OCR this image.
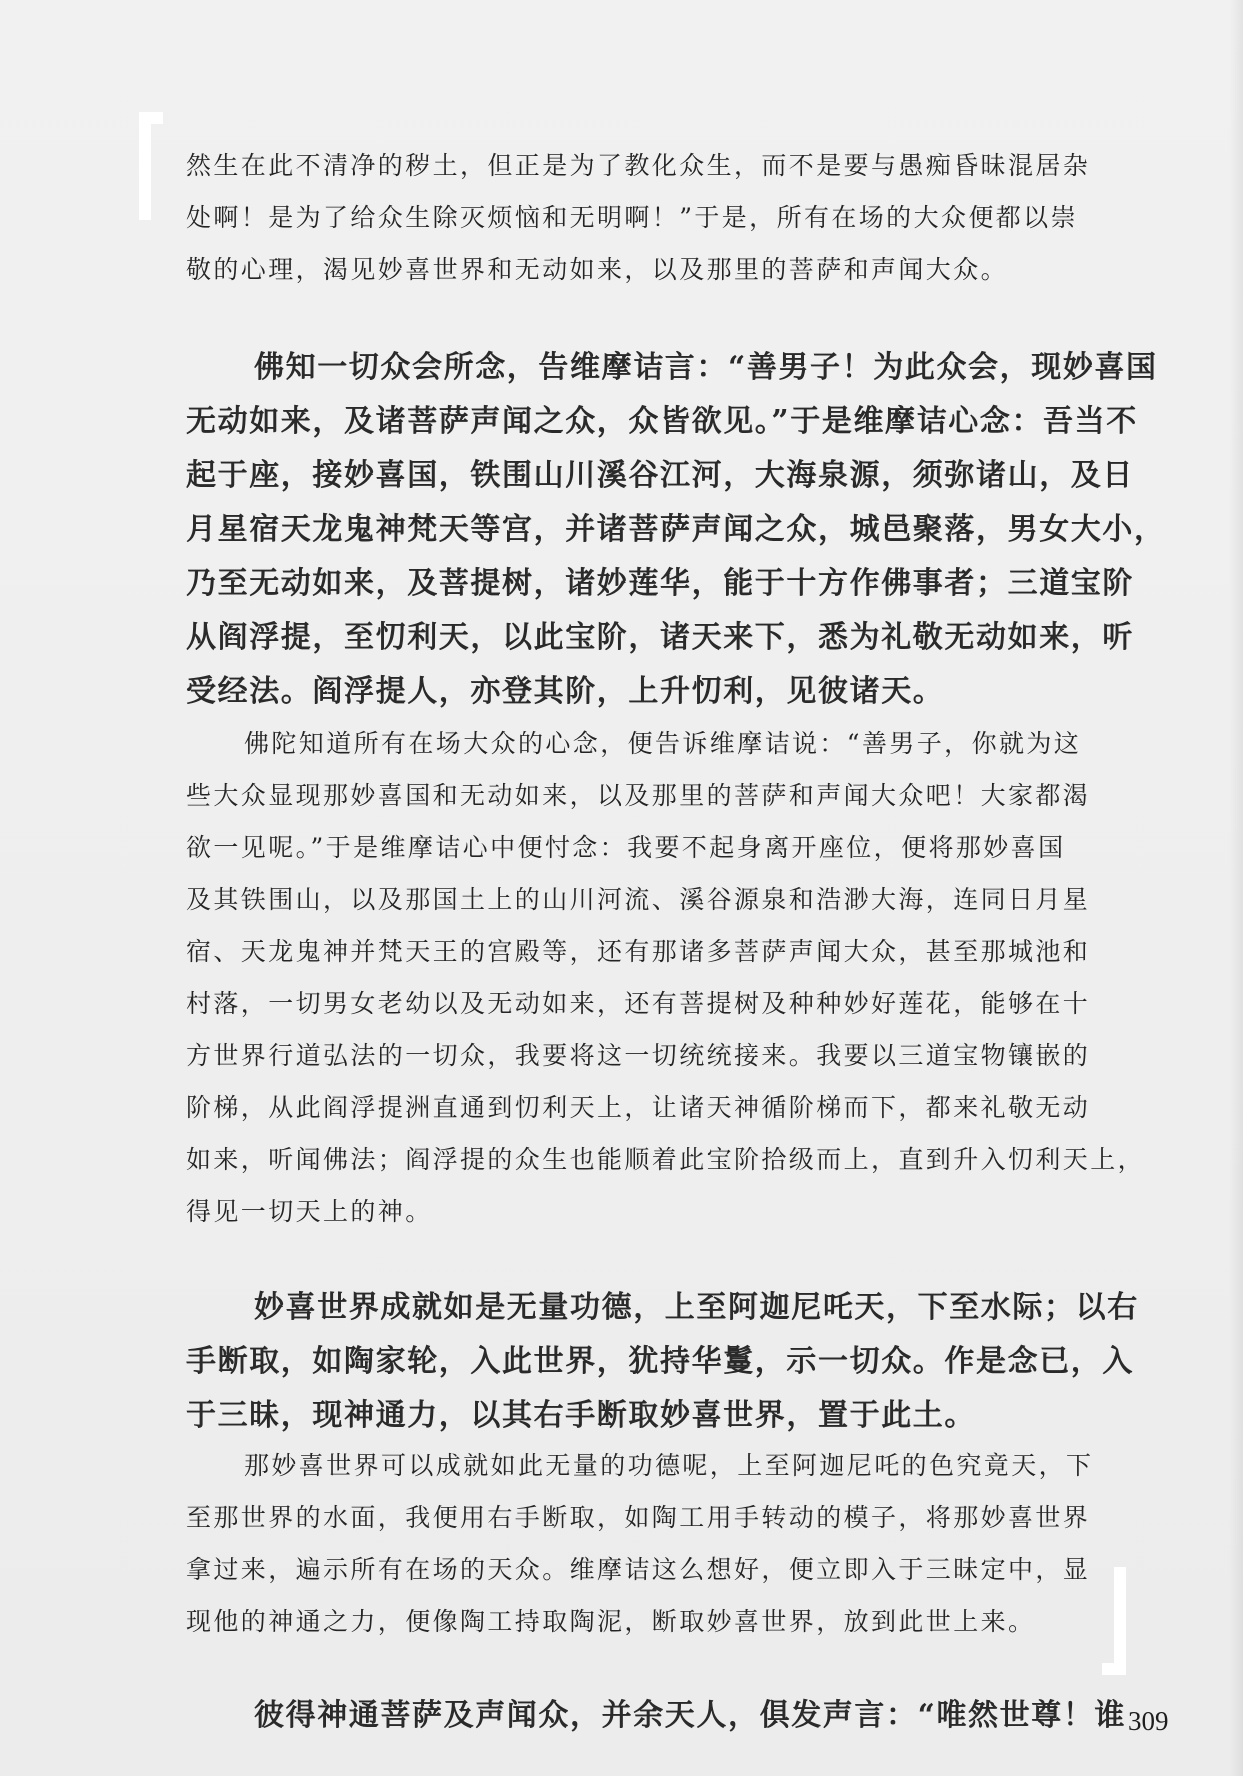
然生在此不清净的秽土，但正是为了教化众生，而不是要与愚痴昏昧混居杂

处啊！是为了给众生除灭烦恼和无明啊！”于是，所有在场的大众便都以崇

敬的心理，渴见妙喜世界和无动如来，以及那里的菩萨和声闻大众。

佛知一切众会所念，告维摩诘言：“善男子！为此众会，现妙喜国

无动如来，及诸菩萨声闻之众，众皆欲见。”于是维摩诘心念：吾当不

起于座，接妙喜国，铁围山川溪谷江河，大海泉源，须弥诸山，及日

月星宿天龙鬼神梵天等宫，并诸菩萨声闻之众，城邑聚落，男女大小，

乃至无动如来，及菩提树，诸妙莲华，能于十方作佛事者；三道宝阶

从阎浮提，至忉利天，以此宝阶，诸天来下，悉为礼敬无动如来，听

受经法。阎浮提人，亦登其阶，上升忉利，见彼诸天。

佛陀知道所有在场大众的心念，便告诉维摩诘说：“善男子，你就为这

些大众显现那妙喜国和无动如来，以及那里的菩萨和声闻大众吧！大家都渴

欲一见呢。”于是维摩诘心中便忖念：我要不起身离开座位，便将那妙喜国

及其铁围山，以及那国土上的山川河流、溪谷源泉和浩渺大海，连同日月星

宿、天龙鬼神并梵天王的宫殿等，还有那诸多菩萨声闻大众，甚至那城池和

村落，一切男女老幼以及无动如来，还有菩提树及种种妙好莲花，能够在十

方世界行道弘法的一切众，我要将这一切统统接来。我要以三道宝物镶嵌的

阶梯，从此阎浮提洲直通到忉利天上，让诸天神循阶梯而下，都来礼敬无动

如来，听闻佛法；阎浮提的众生也能顺着此宝阶拾级而上，直到升入忉利天上，

得见一切天上的神。

妙喜世界成就如是无量功德，上至阿迦尼吒天，下至水际；以右

手断取，如陶家轮，入此世界，犹持华鬘，示一切众。作是念已，入

于三昧，现神通力，以其右手断取妙喜世界，置于此土。

那妙喜世界可以成就如此无量的功德呢，上至阿迦尼吒的色究竟天，下

至那世界的水面，我便用右手断取，如陶工用手转动的模子，将那妙喜世界

拿过来，遍示所有在场的天众。维摩诘这么想好，便立即入于三昧定中，显

现他的神通之力，便像陶工持取陶泥，断取妙喜世界，放到此世上来。

彼得神通菩萨及声闻众，并余天人，俱发声言：“唯然世尊！谁 309
